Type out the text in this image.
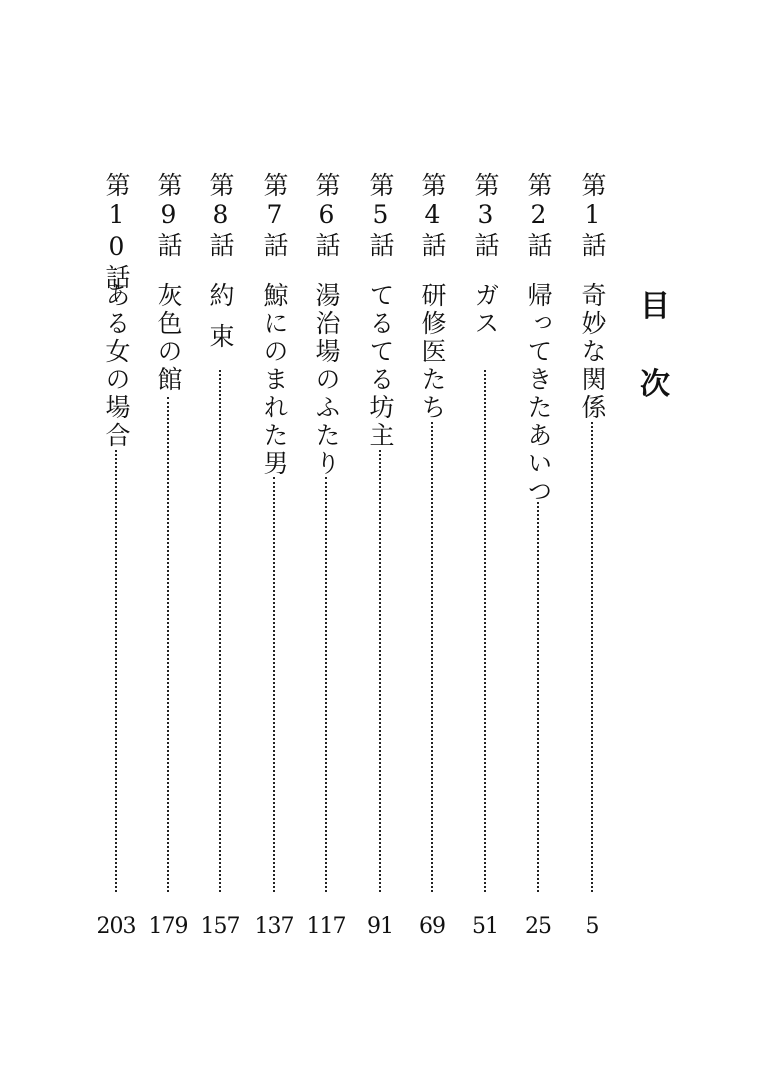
目
次
第1話
奇妙な関係
5
第2話
帰ってきたあいつ
25
第3話
ガス
51
第4話
研修医たち
69
第5話
てるてる坊主
91
第6話
湯治場のふたり
117
第7話
鯨にのまれた男
137
第8話
約束
157
第9話
灰色の館
179
第10話
ある女の場合
203
